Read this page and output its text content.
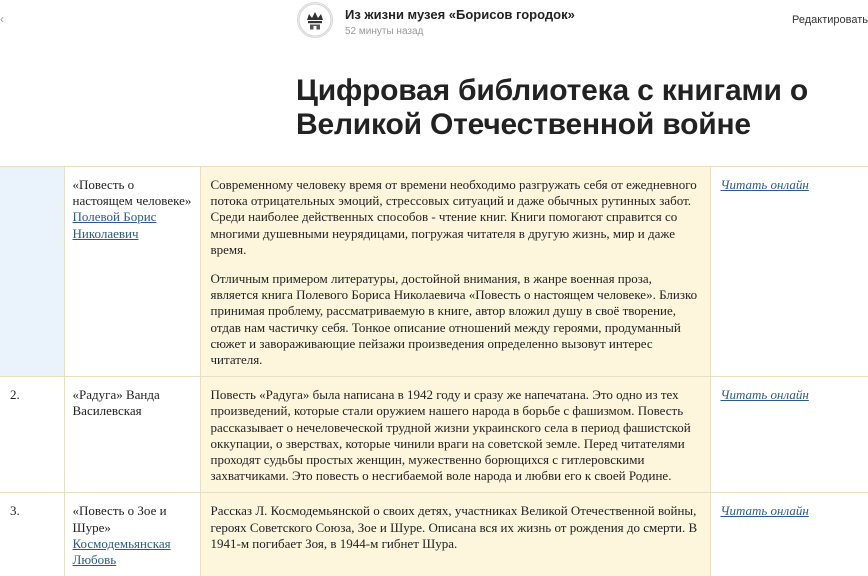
‹	Из жизни музея «Борисов городок»
52 минуты назад
Редактировать
Цифровая библиотека с книгами о Великой Отечественной войне
	«Повесть о настоящем человеке» Полевой Борис Николаевич	Современному человеку время от времени необходимо разгружать себя от ежедневного потока отрицательных эмоций, стрессовых ситуаций и даже обычных рутинных забот. Среди наиболее действенных способов - чтение книг. Книги помогают справится со многими душевными неурядицами, погружая читателя в другую жизнь, мир и даже время.

Отличным примером литературы, достойной внимания, в жанре военная проза, является книга Полевого Бориса Николаевича «Повесть о настоящем человеке». Близко принимая проблему, рассматриваемую в книге, автор вложил душу в своё творение, отдав нам частичку себя. Тонкое описание отношений между героями, продуманный сюжет и завораживающие пейзажи произведения определенно вызовут интерес читателя.	Читать онлайн
2.	«Радуга» Ванда Василевская	Повесть «Радуга» была написана в 1942 году и сразу же напечатана. Это одно из тех произведений, которые стали оружием нашего народа в борьбе с фашизмом. Повесть рассказывает о нечеловеческой трудной жизни украинского села в период фашистской оккупации, о зверствах, которые чинили враги на советской земле. Перед читателями проходят судьбы простых женщин, мужественно борющихся с гитлеровскими захватчиками. Это повесть о несгибаемой воле народа и любви его к своей Родине.	Читать онлайн
3.	«Повесть о Зое и Шуре» Космодемьянская Любовь	Рассказ Л. Космодемьянской о своих детях, участниках Великой Отечественной войны, героях Советского Союза, Зое и Шуре. Описана вся их жизнь от рождения до смерти. В 1941-м погибает Зоя, в 1944-м гибнет Шура.	Читать онлайн
